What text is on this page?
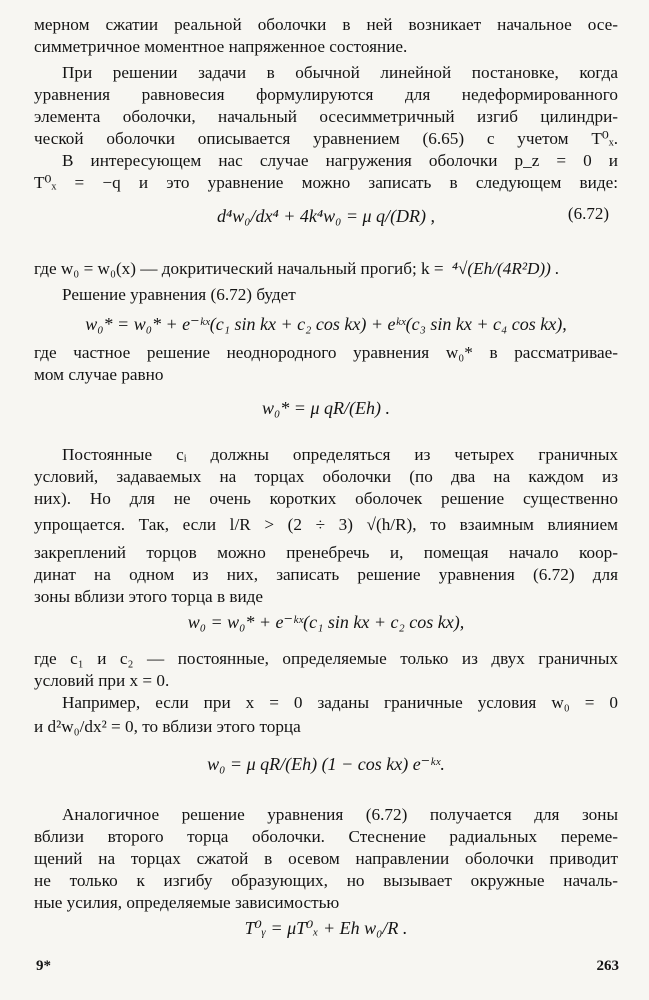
мерном сжатии реальной оболочки в ней возникает начальное осе-
симметричное моментное напряженное состояние.
При решении задачи в обычной линейной постановке, когда
уравнения равновесия формулируются для недеформированного
элемента оболочки, начальный осесимметричный изгиб цилиндри-
ческой оболочки описывается уравнением (6.65) с учетом T⁰ₓ.
В интересующем нас случае нагружения оболочки p_z = 0 и
T⁰ₓ = −q и это уравнение можно записать в следующем виде:
d⁴w₀/dx⁴ + 4k⁴w₀ = μ q/(DR) ,	(6.72)
где w₀ = w₀(x) — докритический начальный прогиб; k = ⁴√(Eh/(4R²D)) .
Решение уравнения (6.72) будет
w₀* = w₀* + e⁻ᵏˣ(c₁ sin kx + c₂ cos kx) + eᵏˣ(c₃ sin kx + c₄ cos kx),
где частное решение неоднородного уравнения w₀* в рассматривае-
мом случае равно
w₀* = μ qR/(Eh) .
Постоянные cᵢ должны определяться из четырех граничных
условий, задаваемых на торцах оболочки (по два на каждом из
них). Но для не очень коротких оболочек решение существенно
упрощается. Так, если l/R > (2 ÷ 3) √(h/R), то взаимным влиянием
закреплений торцов можно пренебречь и, помещая начало коор-
динат на одном из них, записать решение уравнения (6.72) для
зоны вблизи этого торца в виде
w₀ = w₀* + e⁻ᵏˣ(c₁ sin kx + c₂ cos kx),
где c₁ и c₂ — постоянные, определяемые только из двух граничных
условий при x = 0.
Например, если при x = 0 заданы граничные условия w₀ = 0
и d²w₀/dx² = 0, то вблизи этого торца
w₀ = μ qR/(Eh) (1 − cos kx) e⁻ᵏˣ.
Аналогичное решение уравнения (6.72) получается для зоны
вблизи второго торца оболочки. Стеснение радиальных переме-
щений на торцах сжатой в осевом направлении оболочки приводит
не только к изгибу образующих, но вызывает окружные началь-
ные усилия, определяемые зависимостью
T⁰ᵧ = μT⁰ₓ + Eh w₀/R .
9*	263
